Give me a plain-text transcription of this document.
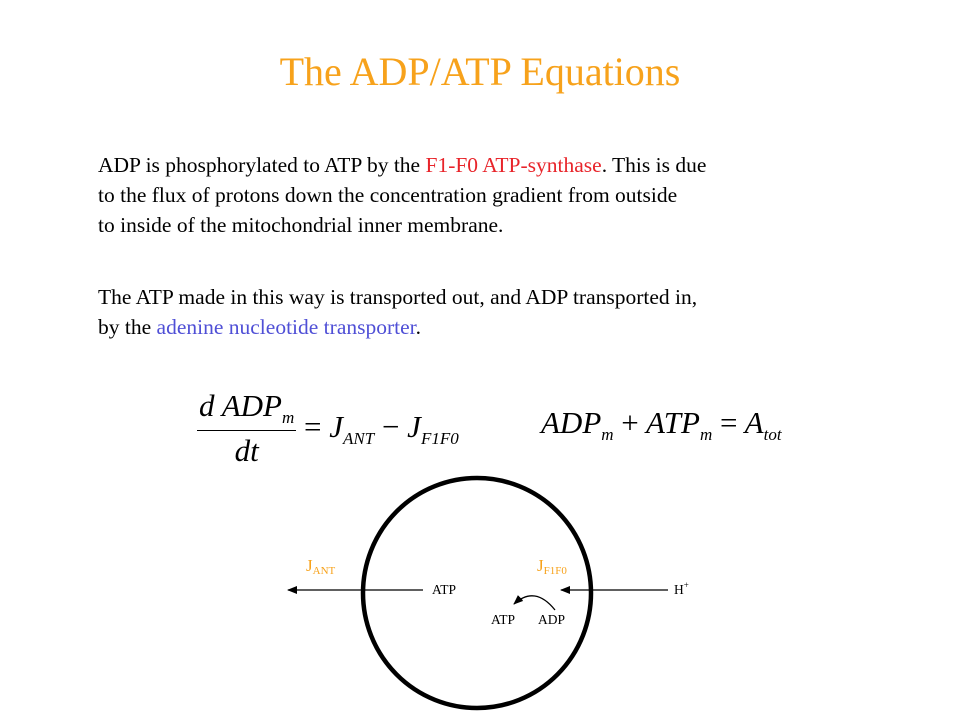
The ADP/ATP Equations
ADP is phosphorylated to ATP by the F1-F0 ATP-synthase. This is due
to the flux of protons down the concentration gradient from outside
to inside of the mitochondrial inner membrane.
The ATP made in this way is transported out, and ADP transported in,
by the adenine nucleotide transporter.
$\frac{d ADP_m}{dt} = J_{ANT} - J_{F1F0}$	$ADP_m + ATP_m = A_{tot}$
JANT	JF1F0
ATP	H+
ATP ADP
